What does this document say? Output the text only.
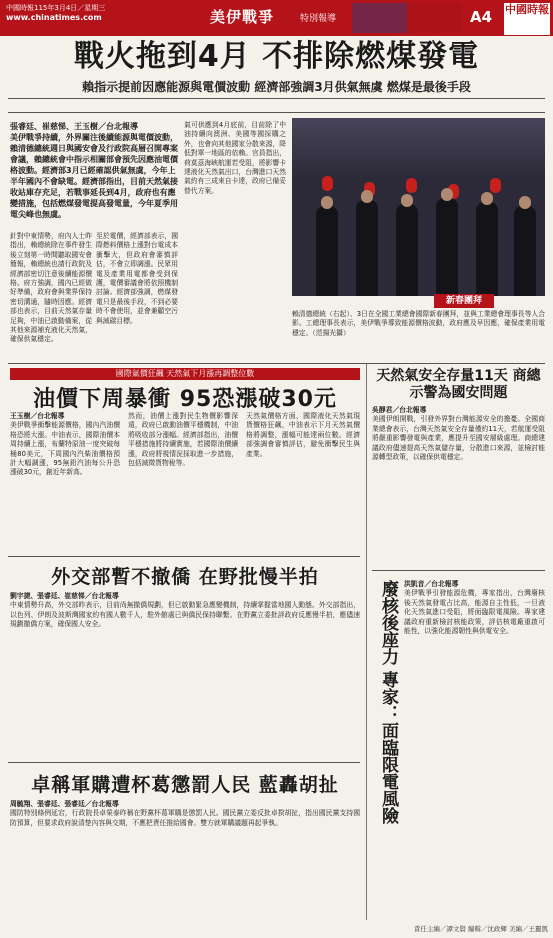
中國時報115年3月4日／星期三
www.chinatimes.com	美伊戰爭	特別報導	A4 中國時報
戰火拖到4月 不排除燃煤發電
賴指示提前因應能源與電價波動 經濟部強調3月供氣無虞 燃煤是最後手段
張睿廷、崔慈悌、王玉樹／台北報導
美伊戰爭持續，外界關注後續能源與電價波動，賴清德總統週日與國安會及行政院高層召開專案會議，賴總統會中指示相關部會預先因應油電價格波動。經濟部3月已經確認供氣無虞，今年上半年國內不會缺電。經濟部指出，目前天然氣接收站庫存充足，若戰事延長到4月，政府也有應變措施，包括燃煤發電提高發電量，今年夏季用電尖峰也無虞。
針對中東情勢，府內人士昨指出，賴總統除在事件發生後立刻第一時間聽取國安會簡報，賴總統也請行政院及經濟部密切注意後續能源價格。府方強調，國內已經做好準備，政府會與業界保持密切溝通，隨時因應。經濟部也表示，目前天然氣存量足夠，中油已啟動備案，從其他來源補充液化天然氣，確保供氣穩定。
至於電價，經濟部表示，國際燃料價格上漲對台電成本衝擊大，但政府會審慎評估，不會立即調漲。民眾用電及產業用電都會受到保護，電價審議會將依照機制討論。經濟部強調，燃煤發電只是最後手段，不到必要時不會使用，並會兼顧空污與減碳目標。
氣可供應到4月底前，目前除了中油持續向澳洲、美國等國採購之外，也會向其他國家分散來源，降低對單一地區的依賴。官員指出，荷莫茲海峽航運若受阻，將影響卡達液化天然氣出口，台灣進口天然氣約有三成來自卡達，政府已備妥替代方案。
新春團拜
賴清德總統（右起）、3日在全國工業總會國際新春團拜，並與工業總會理事長等人合影。工總理事長表示，美伊戰爭導致能源價格波動，政府應及早因應，確保產業用電穩定。（范揚光攝）
國際氣價狂飆 天然氣下月漲再調整位數
油價下周暴衝 95恐漲破30元
王玉樹／台北報導
美伊戰爭衝擊能源價格，國內汽油價格恐將大漲。中油表示，國際油價本周持續上漲，布蘭特原油一度突破每桶80美元，下周國內汽柴油價格預計大幅調漲，95無鉛汽油每公升恐漲破30元，創近年新高。
然而，油價上漲對民生物價影響深遠，政府已啟動油價平穩機制，中油將吸收部分漲幅。經濟部指出，油價平穩措施將持續實施，若國際油價續漲，政府將視情況採取進一步措施，包括減徵貨物稅等。
天然氣價格方面，國際液化天然氣現貨價格狂飆，中油表示下月天然氣價格將調整，漲幅可能達兩位數。經濟部強調會審慎評估，避免衝擊民生與產業。
天然氣安全存量11天 商總示警為國安問題
吳靜君／台北報導
美國伊朗開戰，引發外界對台灣能源安全的擔憂。全國商業總會表示，台灣天然氣安全存量僅約11天，若航運受阻將嚴重影響發電與產業，應提升至國安層級處理。商總建議政府儘速提高天然氣儲存量，分散進口來源，並檢討能源轉型政策，以確保供電穩定。
外交部暫不撤僑 在野批慢半拍
劉宇捷、張睿廷、崔慈悌／台北報導
中東情勢升高，外交部昨表示，目前尚無撤僑規劃，但已啟動緊急應變機制，持續掌握當地國人動態。外交部指出，以色列、伊朗及波斯灣國家約有國人數千人，駐外館處已與僑民保持聯繫。在野黨立委批評政府反應慢半拍，應儘速規劃撤僑方案，確保國人安全。
卓稱軍購遭杯葛懲罰人民 藍轟胡扯
周毓翔、張睿廷、張睿廷／台北報導
國防特別條例延宕，行政院長卓榮泰昨稱在野黨杯葛軍購是懲罰人民。國民黨立委反批卓揆胡扯，指出國民黨支持國防預算，但要求政府說清楚內容與交期，不應把責任推給國會。雙方就軍購議題再起爭執。	廢核後座力 專家：面臨限電風險 洪凱音／台北報導
美伊戰爭引發能源危機，專家指出，台灣廢核後天然氣發電占比高，能源自主性低，一旦液化天然氣進口受阻，將面臨限電風險。專家建議政府重新檢討核能政策，評估核電廠重啟可能性，以強化能源韌性與供電安全。
責任主編／譚文賢 編輯／沈政輝 美編／王麗凱
